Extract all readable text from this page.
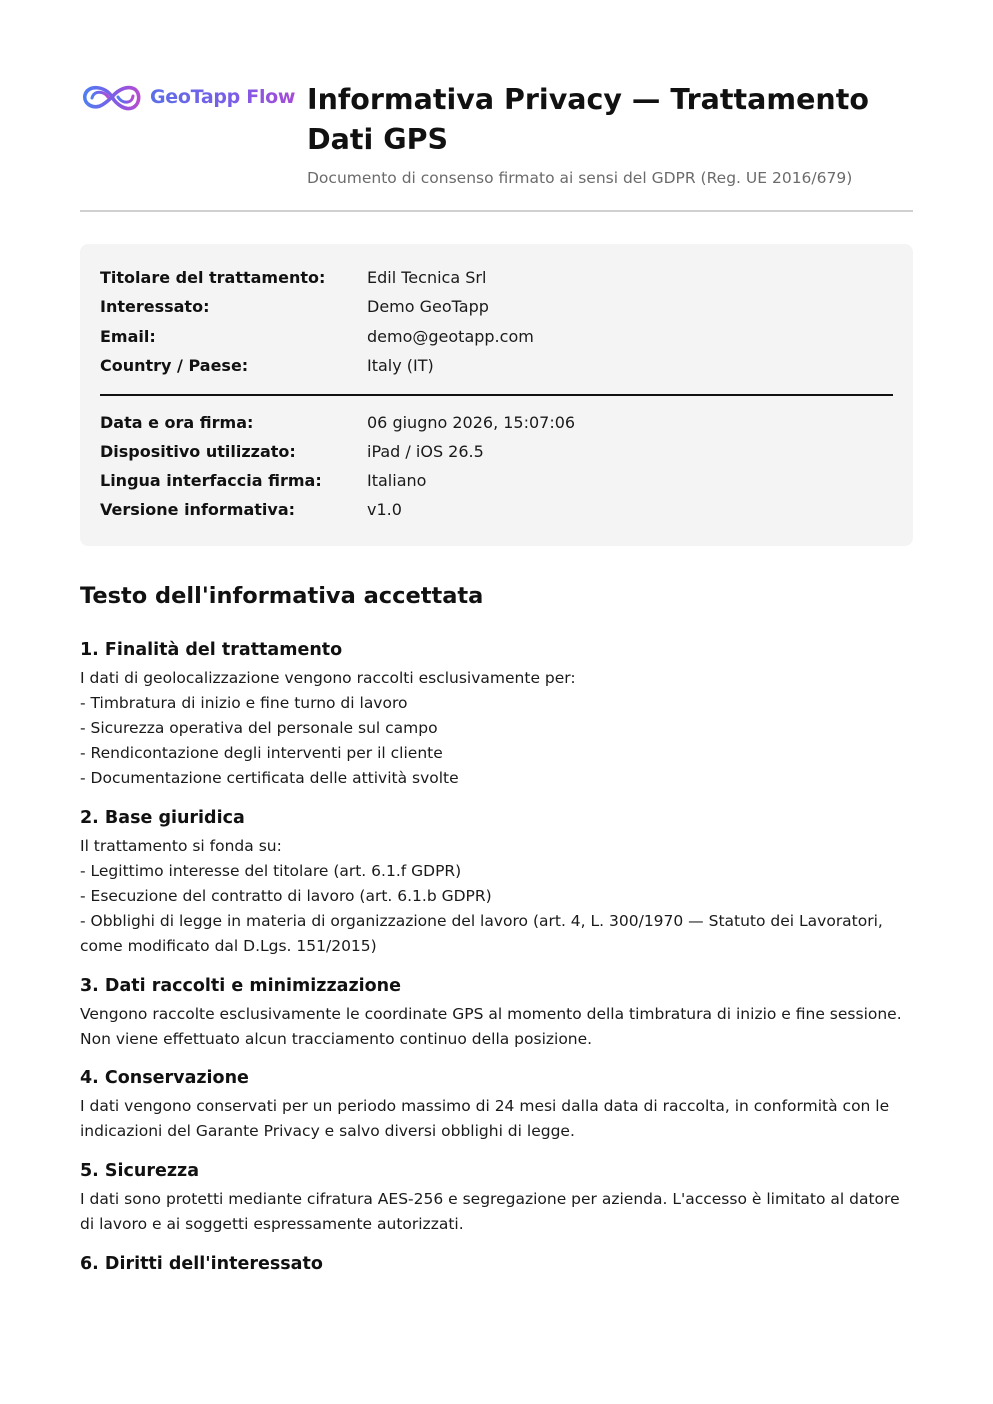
GeoTapp Flow Informativa Privacy — Trattamento Dati GPS

Documento di consenso firmato ai sensi del GDPR (Reg. UE 2016/679)

Titolare del trattamento:	Edil Tecnica Srl
Interessato:	Demo GeoTapp
Email:	demo@geotapp.com
Country / Paese:	Italy (IT)
Data e ora firma:	06 giugno 2026, 15:07:06
Dispositivo utilizzato:	iPad / iOS 26.5
Lingua interfaccia firma:	Italiano
Versione informativa:	v1.0
Testo dell'informativa accettata
1. Finalità del trattamento

I dati di geolocalizzazione vengono raccolti esclusivamente per:
- Timbratura di inizio e fine turno di lavoro
- Sicurezza operativa del personale sul campo
- Rendicontazione degli interventi per il cliente
- Documentazione certificata delle attività svolte

2. Base giuridica

Il trattamento si fonda su:
- Legittimo interesse del titolare (art. 6.1.f GDPR)
- Esecuzione del contratto di lavoro (art. 6.1.b GDPR)
- Obblighi di legge in materia di organizzazione del lavoro (art. 4, L. 300/1970 — Statuto dei Lavoratori, come modificato dal D.Lgs. 151/2015)

3. Dati raccolti e minimizzazione

Vengono raccolte esclusivamente le coordinate GPS al momento della timbratura di inizio e fine sessione. Non viene effettuato alcun tracciamento continuo della posizione.

4. Conservazione

I dati vengono conservati per un periodo massimo di 24 mesi dalla data di raccolta, in conformità con le indicazioni del Garante Privacy e salvo diversi obblighi di legge.

5. Sicurezza

I dati sono protetti mediante cifratura AES-256 e segregazione per azienda. L'accesso è limitato al datore di lavoro e ai soggetti espressamente autorizzati.

6. Diritti dell'interessato
